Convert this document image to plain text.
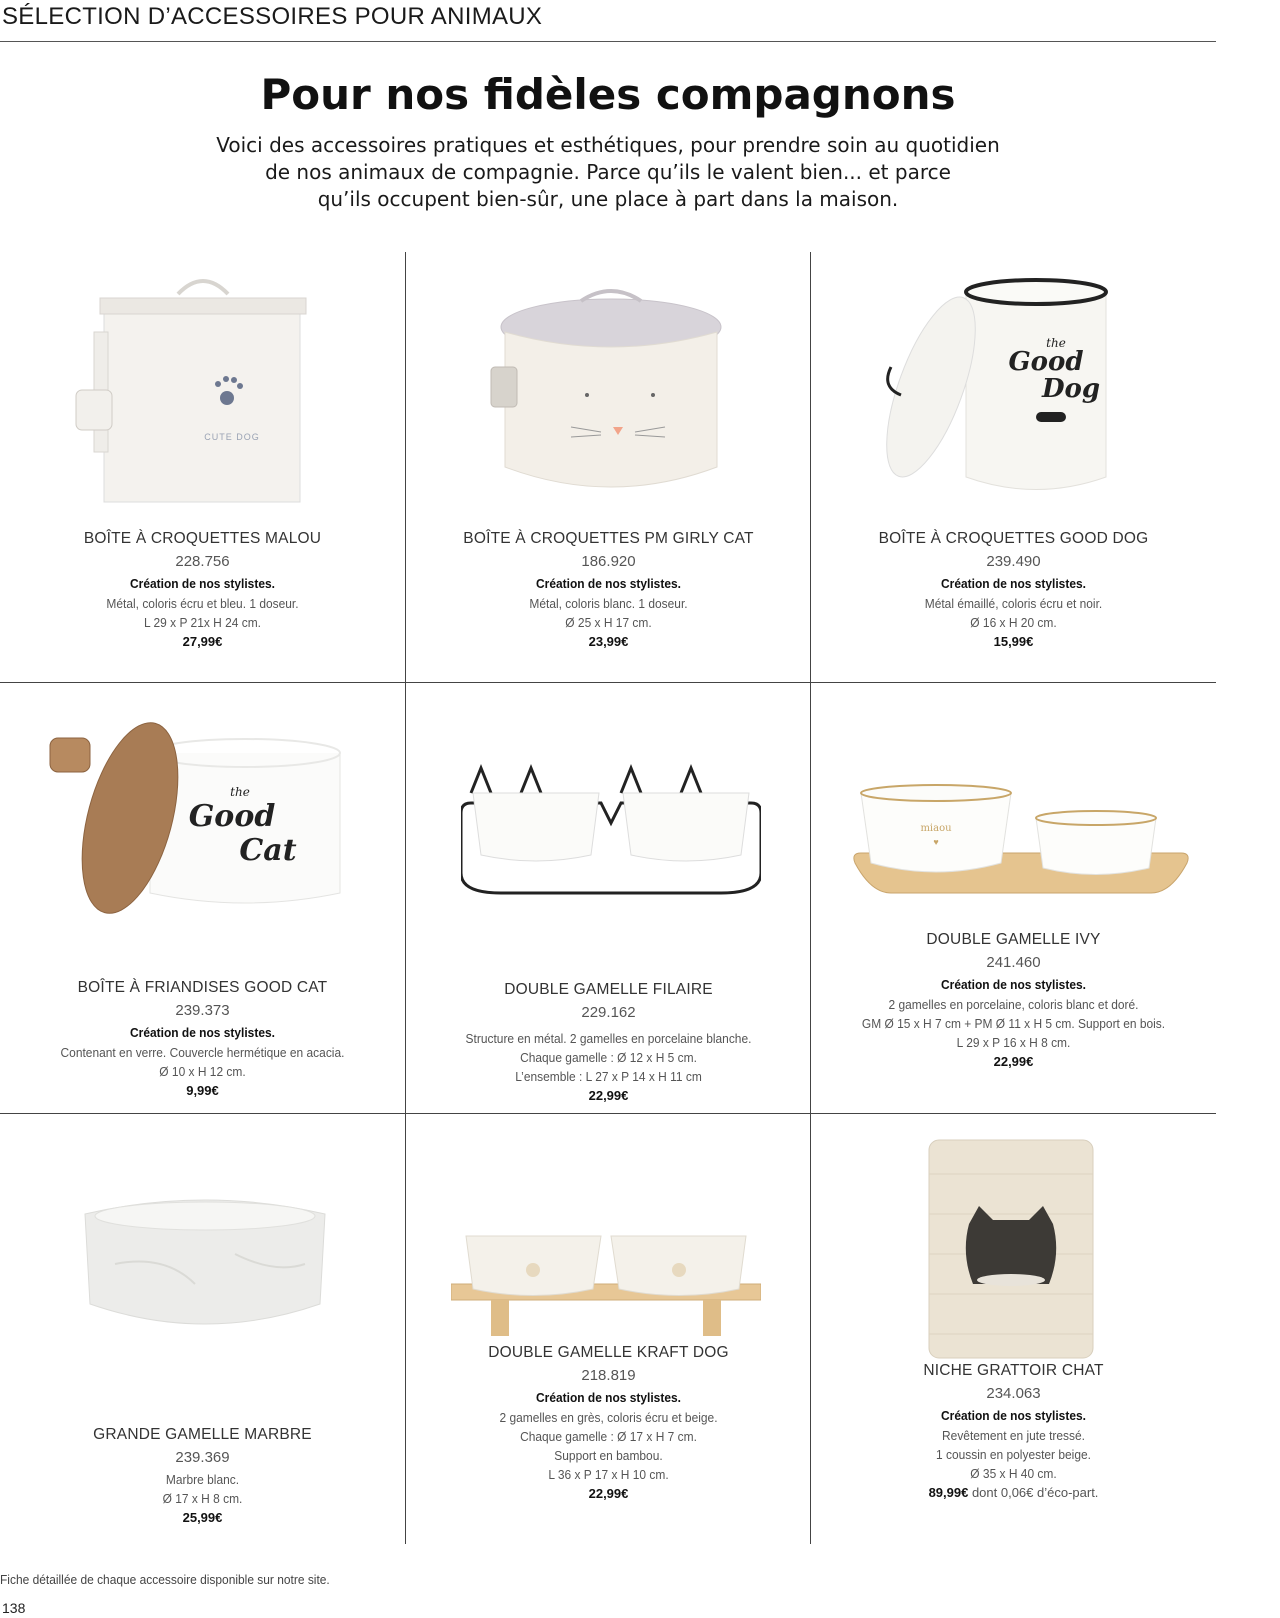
SÉLECTION D’ACCESSOIRES POUR ANIMAUX
Pour nos fidèles compagnons
Voici des accessoires pratiques et esthétiques, pour prendre soin au quotidien
de nos animaux de compagnie. Parce qu’ils le valent bien... et parce
qu’ils occupent bien-sûr, une place à part dans la maison.
CUTE DOG
BOÎTE À CROQUETTES MALOU
228.756
Création de nos stylistes.
Métal, coloris écru et bleu. 1 doseur.
L 29 x P 21x H 24 cm.
27,99€
BOÎTE À CROQUETTES PM GIRLY CAT
186.920
Création de nos stylistes.
Métal, coloris blanc. 1 doseur.
Ø 25 x H 17 cm.
23,99€
the
Good
Dog
BOÎTE À CROQUETTES GOOD DOG
239.490
Création de nos stylistes.
Métal émaillé, coloris écru et noir.
Ø 16 x H 20 cm.
15,99€
the
Good
Cat
BOÎTE À FRIANDISES GOOD CAT
239.373
Création de nos stylistes.
Contenant en verre. Couvercle hermétique en acacia.
Ø 10 x H 12 cm.
9,99€
DOUBLE GAMELLE FILAIRE
229.162
Structure en métal. 2 gamelles en porcelaine blanche.
Chaque gamelle : Ø 12 x H 5 cm.
L’ensemble : L 27 x P 14 x H 11 cm
22,99€
miaou
♥
DOUBLE GAMELLE IVY
241.460
Création de nos stylistes.
2 gamelles en porcelaine, coloris blanc et doré.
GM Ø 15 x H 7 cm + PM Ø 11 x H 5 cm. Support en bois.
L 29 x P 16 x H 8 cm.
22,99€
GRANDE GAMELLE MARBRE
239.369
Marbre blanc.
Ø 17 x H 8 cm.
25,99€
DOUBLE GAMELLE KRAFT DOG
218.819
Création de nos stylistes.
2 gamelles en grès, coloris écru et beige.
Chaque gamelle : Ø 17 x H 7 cm.
Support en bambou.
L 36 x P 17 x H 10 cm.
22,99€
NICHE GRATTOIR CHAT
234.063
Création de nos stylistes.
Revêtement en jute tressé.
1 coussin en polyester beige.
Ø 35 x H 40 cm.
89,99€ dont 0,06€ d’éco-part.
Fiche détaillée de chaque accessoire disponible sur notre site.
138
